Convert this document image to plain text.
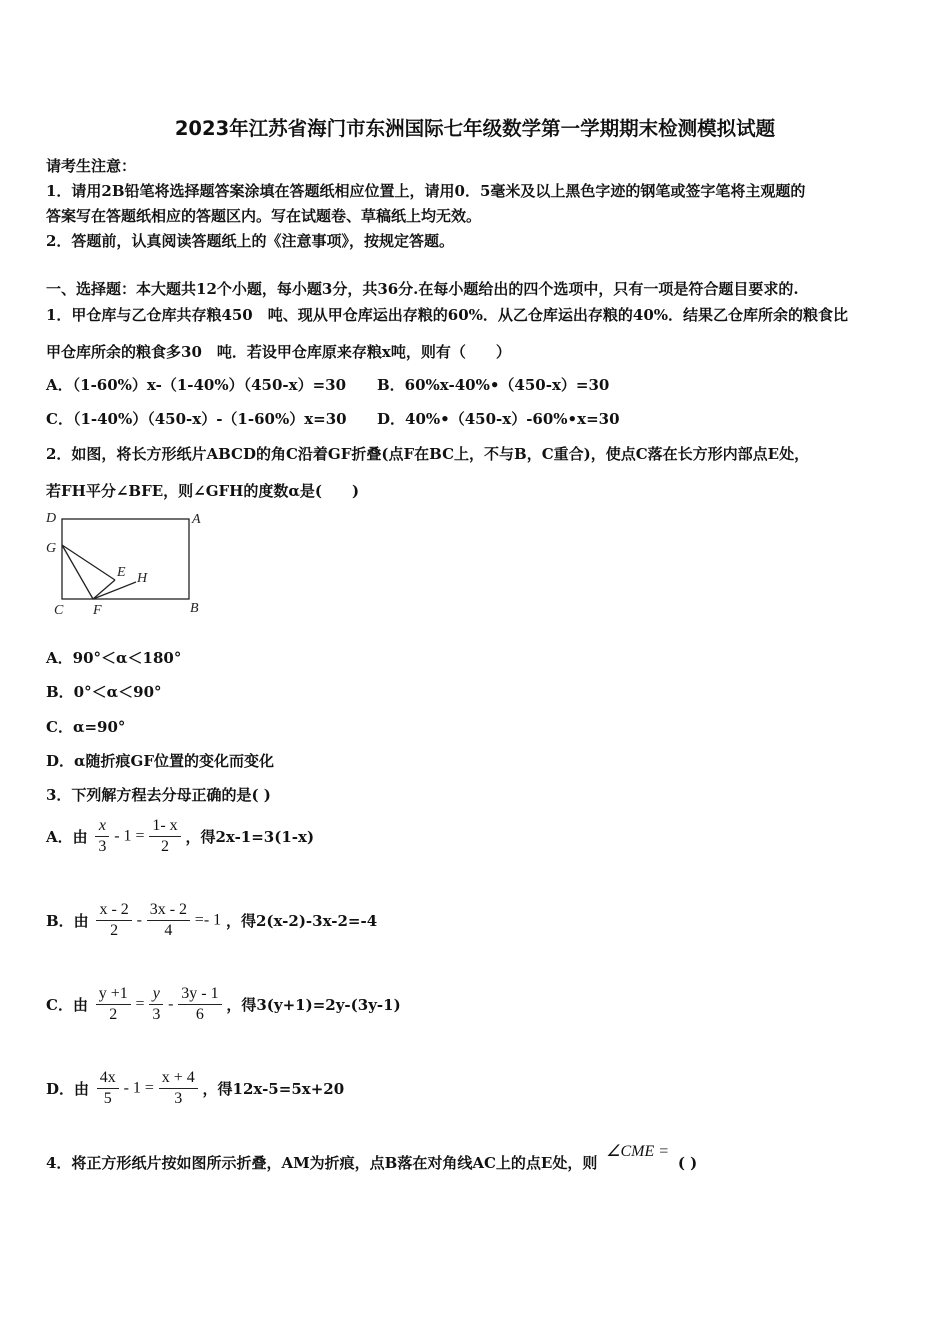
2023年江苏省海门市东洲国际七年级数学第一学期期末检测模拟试题
请考生注意：
1．请用2B铅笔将选择题答案涂填在答题纸相应位置上，请用0．5毫米及以上黑色字迹的钢笔或签字笔将主观题的
答案写在答题纸相应的答题区内。写在试题卷、草稿纸上均无效。
2．答题前，认真阅读答题纸上的《注意事项》，按规定答题。
一、选择题：本大题共12个小题，每小题3分，共36分.在每小题给出的四个选项中，只有一项是符合题目要求的.
1．甲仓库与乙仓库共存粮450　吨、现从甲仓库运出存粮的60%．从乙仓库运出存粮的40%．结果乙仓库所余的粮食比
甲仓库所余的粮食多30　吨．若设甲仓库原来存粮x吨，则有（　　）
A．（1-60%）x-（1-40%）（450-x）=30 B．60%x-40%•（450-x）=30
C．（1-40%）（450-x）-（1-60%）x=30 D．40%•（450-x）-60%•x=30
2．如图，将长方形纸片ABCD的角C沿着GF折叠(点F在BC上，不与B，C重合)，使点C落在长方形内部点E处，
若FH平分∠BFE，则∠GFH的度数α是(　　)
D	A
G
E H
C F	B
A．90°＜α＜180°
B．0°＜α＜90°
C．α=90°
D．α随折痕GF位置的变化而变化
3．下列解方程去分母正确的是( )
A．由 $\frac{x}{3} - 1 = \frac{1- x}{2}$ ，得2x-1=3(1-x)
B．由 $\frac{x - 2}{2} - \frac{3x - 2}{4} =- 1$ ，得2(x-2)-3x-2=-4
C．由 $\frac{y +1}{2} = \frac{y}{3} - \frac{3y - 1}{6}$ ，得3(y+1)=2y-(3y-1)
D．由 $\frac{4x}{5} - 1 = \frac{x + 4}{3}$ ，得12x-5=5x+20
4．将正方形纸片按如图所示折叠，AM为折痕，点B落在对角线AC上的点E处，则 ∠CME = ( )
